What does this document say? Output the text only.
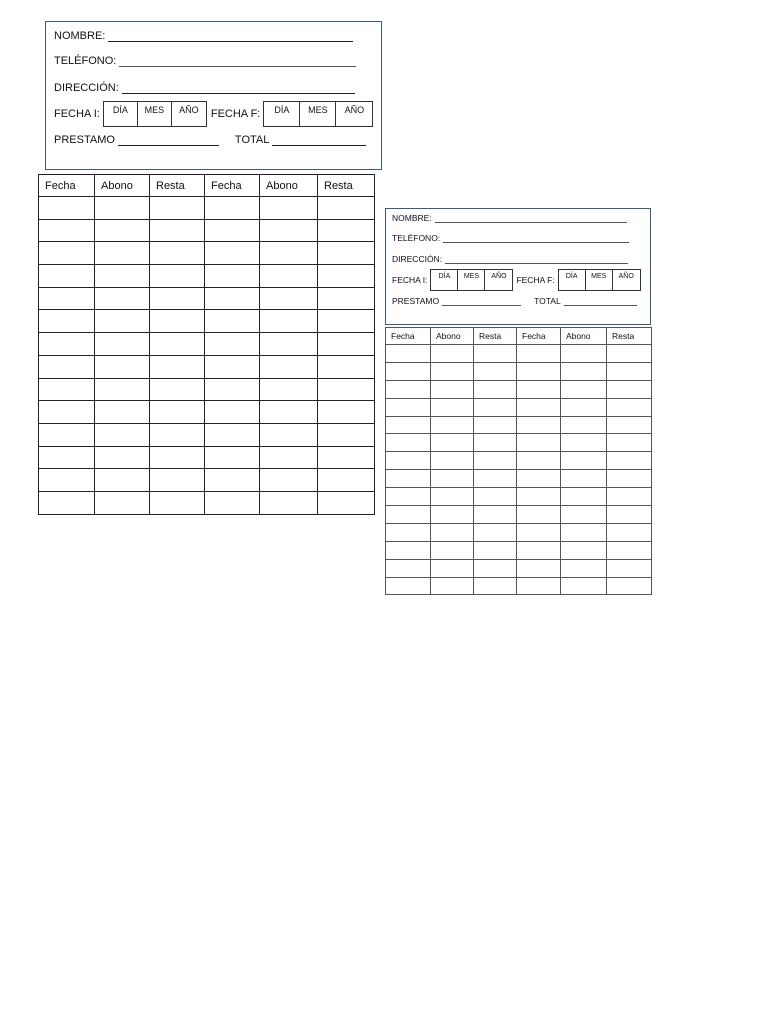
NOMBRE:
TELÉFONO:
DIRECCIÓN:
FECHA I:	DÍA	MES	AÑO	FECHA F:	DÍA	MES	AÑO
PRESTAMO	TOTAL
Fecha	Abono	Resta	Fecha	Abono	Resta

NOMBRE:
TELÉFONO:
DIRECCIÓN:
FECHA I:	DÍA	MES	AÑO	FECHA F:	DÍA	MES	AÑO
PRESTAMO	TOTAL
Fecha	Abono	Resta	Fecha	Abono	Resta
